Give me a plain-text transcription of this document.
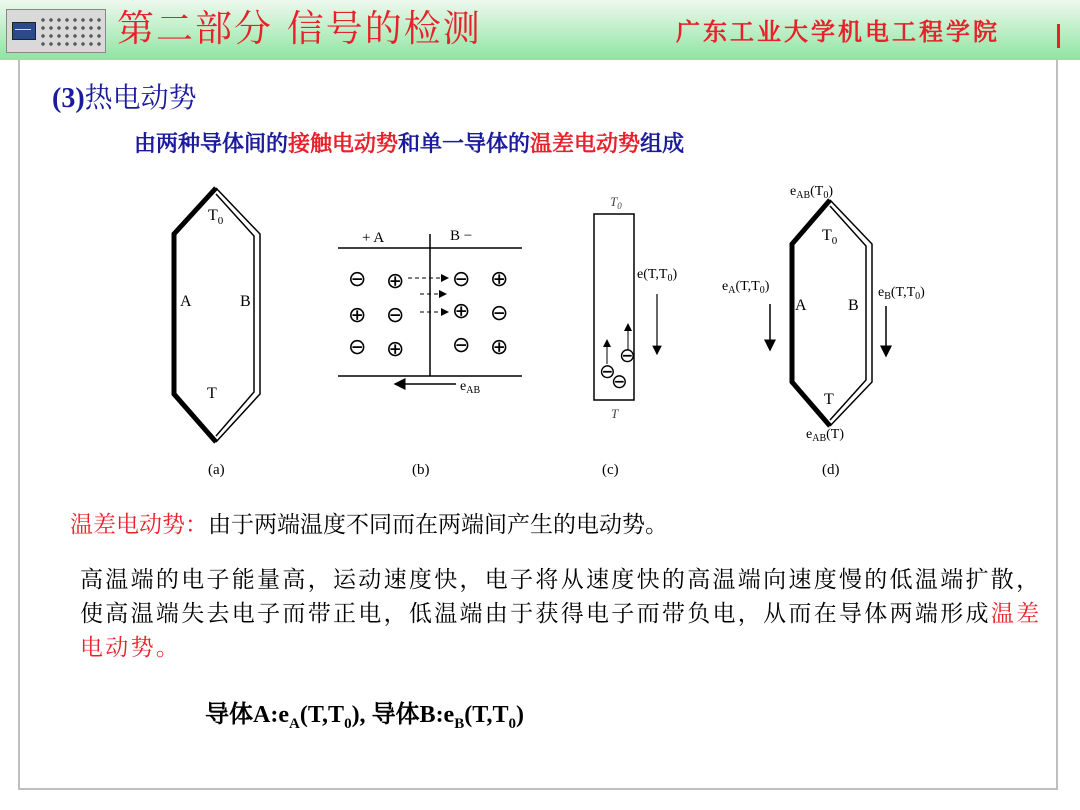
第二部分 信号的检测	广东工业大学机电工程学院
(3)热电动势
由两种导体间的接触电动势和单一导体的温差电动势组成
$T_0$
A	B
T
(a)
+ A	B −
⊖ ⊕ ⊖ ⊕
⊕ ⊖ ⊕ ⊖
⊖ ⊕ ⊖ ⊕
$e_{AB}$
(b)
$T_0$
T
⊖
⊖
⊖
$e(T,T_0)$
(c)
$e_{AB}(T_0)$
$T_0$
$e_A(T,T_0)$	$e_B(T,T_0)$
A	B
T
$e_{AB}(T)$
(d)
温差电动势：由于两端温度不同而在两端间产生的电动势。
高温端的电子能量高，运动速度快，电子将从速度快的高温端向速度慢的低温端扩散，使高温端失去电子而带正电，低温端由于获得电子而带负电，从而在导体两端形成温差电动势。
导体$A:e_A(T,T_0)$, 导体$B:e_B(T,T_0)$
